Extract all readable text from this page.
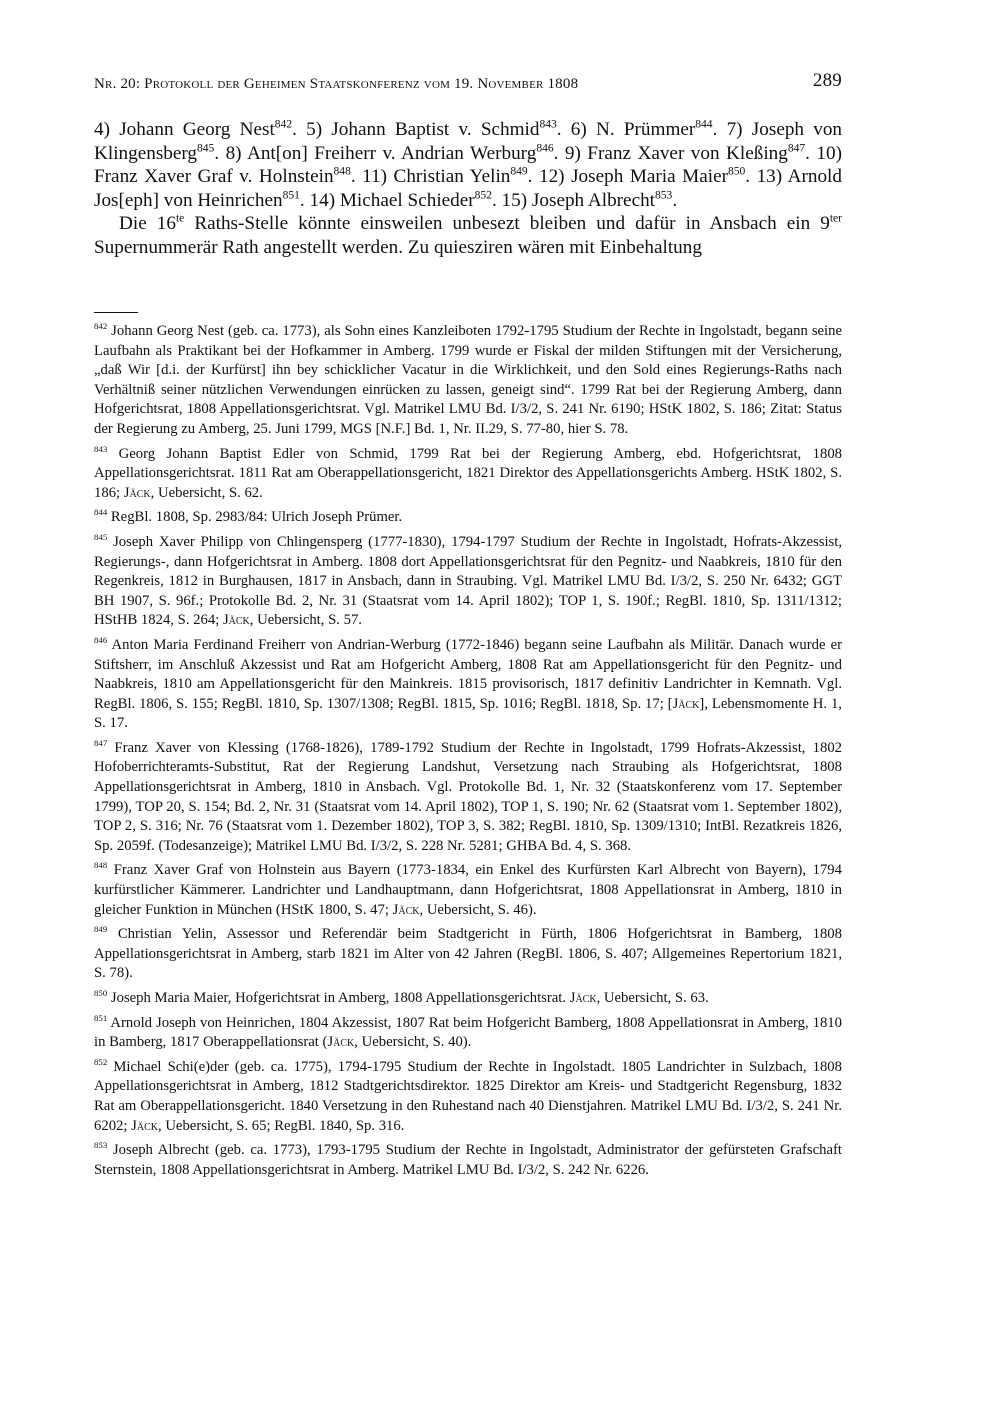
Nr. 20: Protokoll der Geheimen Staatskonferenz vom 19. November 1808	289

4) Johann Georg Nest$^{842}$. 5) Johann Baptist v. Schmid$^{843}$. 6) N. Prümmer$^{844}$. 7) Joseph von Klingensberg$^{845}$. 8) Ant[on] Freiherr v. Andrian Werburg$^{846}$. 9) Franz Xaver von Kleßing$^{847}$. 10) Franz Xaver Graf v. Holnstein$^{848}$. 11) Christian Yelin$^{849}$. 12) Joseph Maria Maier$^{850}$. 13) Arnold Jos[eph] von Heinrichen$^{851}$. 14) Michael Schieder$^{852}$. 15) Joseph Albrecht$^{853}$.

Die $16^{te}$ Raths-Stelle könnte einsweilen unbesezt bleiben und dafür in Ansbach ein $9^{ter}$ Supernummerär Rath angestellt werden. Zu quiesziren wären mit Einbehaltung

$^{842}$ Johann Georg Nest (geb. ca. 1773), als Sohn eines Kanzleiboten 1792-1795 Studium der Rechte in Ingolstadt, begann seine Laufbahn als Praktikant bei der Hofkammer in Amberg. 1799 wurde er Fiskal der milden Stiftungen mit der Versicherung, „daß Wir [d.i. der Kurfürst] ihn bey schicklicher Vacatur in die Wirklichkeit, und den Sold eines Regierungs-Raths nach Verhältniß seiner nützlichen Verwendungen einrücken zu lassen, geneigt sind“. 1799 Rat bei der Regierung Amberg, dann Hofgerichtsrat, 1808 Appellationsgerichtsrat. Vgl. Matrikel LMU Bd. I/3/2, S. 241 Nr. 6190; HStK 1802, S. 186; Zitat: Status der Regierung zu Amberg, 25. Juni 1799, MGS [N.F.] Bd. 1, Nr. II.29, S. 77-80, hier S. 78.

$^{843}$ Georg Johann Baptist Edler von Schmid, 1799 Rat bei der Regierung Amberg, ebd. Hofgerichtsrat, 1808 Appellationsgerichtsrat. 1811 Rat am Oberappellationsgericht, 1821 Direktor des Appellationsgerichts Amberg. HStK 1802, S. 186; Jäck, Uebersicht, S. 62.

$^{844}$ RegBl. 1808, Sp. 2983/84: Ulrich Joseph Prümer.

$^{845}$ Joseph Xaver Philipp von Chlingensperg (1777-1830), 1794-1797 Studium der Rechte in Ingolstadt, Hofrats-Akzessist, Regierungs-, dann Hofgerichtsrat in Amberg. 1808 dort Appellationsgerichtsrat für den Pegnitz- und Naabkreis, 1810 für den Regenkreis, 1812 in Burghausen, 1817 in Ansbach, dann in Straubing. Vgl. Matrikel LMU Bd. I/3/2, S. 250 Nr. 6432; GGT BH 1907, S. 96f.; Protokolle Bd. 2, Nr. 31 (Staatsrat vom 14. April 1802); TOP 1, S. 190f.; RegBl. 1810, Sp. 1311/1312; HStHB 1824, S. 264; Jäck, Uebersicht, S. 57.

$^{846}$ Anton Maria Ferdinand Freiherr von Andrian-Werburg (1772-1846) begann seine Laufbahn als Militär. Danach wurde er Stiftsherr, im Anschluß Akzessist und Rat am Hofgericht Amberg, 1808 Rat am Appellationsgericht für den Pegnitz- und Naabkreis, 1810 am Appellationsgericht für den Mainkreis. 1815 provisorisch, 1817 definitiv Landrichter in Kemnath. Vgl. RegBl. 1806, S. 155; RegBl. 1810, Sp. 1307/1308; RegBl. 1815, Sp. 1016; RegBl. 1818, Sp. 17; [Jäck], Lebensmomente H. 1, S. 17.

$^{847}$ Franz Xaver von Klessing (1768-1826), 1789-1792 Studium der Rechte in Ingolstadt, 1799 Hofrats-Akzessist, 1802 Hofoberrichteramts-Substitut, Rat der Regierung Landshut, Versetzung nach Straubing als Hofgerichtsrat, 1808 Appellationsgerichtsrat in Amberg, 1810 in Ansbach. Vgl. Protokolle Bd. 1, Nr. 32 (Staatskonferenz vom 17. September 1799), TOP 20, S. 154; Bd. 2, Nr. 31 (Staatsrat vom 14. April 1802), TOP 1, S. 190; Nr. 62 (Staatsrat vom 1. September 1802), TOP 2, S. 316; Nr. 76 (Staatsrat vom 1. Dezember 1802), TOP 3, S. 382; RegBl. 1810, Sp. 1309/1310; IntBl. Rezatkreis 1826, Sp. 2059f. (Todesanzeige); Matrikel LMU Bd. I/3/2, S. 228 Nr. 5281; GHBA Bd. 4, S. 368.

$^{848}$ Franz Xaver Graf von Holnstein aus Bayern (1773-1834, ein Enkel des Kurfürsten Karl Albrecht von Bayern), 1794 kurfürstlicher Kämmerer. Landrichter und Landhauptmann, dann Hofgerichtsrat, 1808 Appellationsrat in Amberg, 1810 in gleicher Funktion in München (HStK 1800, S. 47; Jäck, Uebersicht, S. 46).

$^{849}$ Christian Yelin, Assessor und Referendär beim Stadtgericht in Fürth, 1806 Hofgerichtsrat in Bamberg, 1808 Appellationsgerichtsrat in Amberg, starb 1821 im Alter von 42 Jahren (RegBl. 1806, S. 407; Allgemeines Repertorium 1821, S. 78).

$^{850}$ Joseph Maria Maier, Hofgerichtsrat in Amberg, 1808 Appellationsgerichtsrat. Jäck, Uebersicht, S. 63.

$^{851}$ Arnold Joseph von Heinrichen, 1804 Akzessist, 1807 Rat beim Hofgericht Bamberg, 1808 Appellationsrat in Amberg, 1810 in Bamberg, 1817 Oberappellationsrat (Jäck, Uebersicht, S. 40).

$^{852}$ Michael Schi(e)der (geb. ca. 1775), 1794-1795 Studium der Rechte in Ingolstadt. 1805 Landrichter in Sulzbach, 1808 Appellationsgerichtsrat in Amberg, 1812 Stadtgerichtsdirektor. 1825 Direktor am Kreis- und Stadtgericht Regensburg, 1832 Rat am Oberappellationsgericht. 1840 Versetzung in den Ruhestand nach 40 Dienstjahren. Matrikel LMU Bd. I/3/2, S. 241 Nr. 6202; Jäck, Uebersicht, S. 65; RegBl. 1840, Sp. 316.

$^{853}$ Joseph Albrecht (geb. ca. 1773), 1793-1795 Studium der Rechte in Ingolstadt, Administrator der gefürsteten Grafschaft Sternstein, 1808 Appellationsgerichtsrat in Amberg. Matrikel LMU Bd. I/3/2, S. 242 Nr. 6226.
